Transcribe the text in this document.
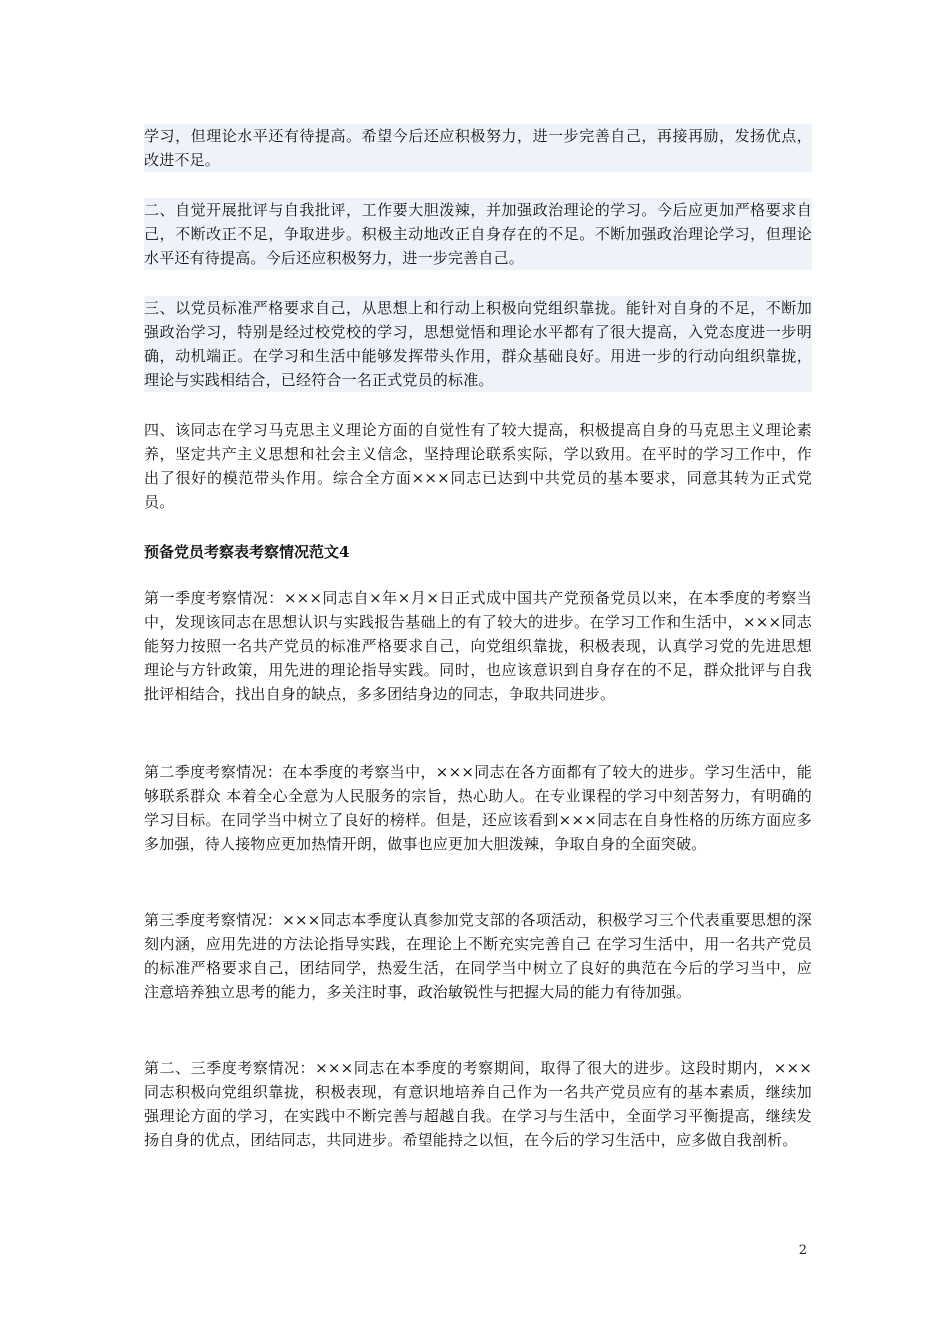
学习，但理论水平还有待提高。希望今后还应积极努力，进一步完善自己，再接再励，发扬优点，改进不足。

二、自觉开展批评与自我批评，工作要大胆泼辣，并加强政治理论的学习。今后应更加严格要求自己，不断改正不足，争取进步。积极主动地改正自身存在的不足。不断加强政治理论学习，但理论水平还有待提高。今后还应积极努力，进一步完善自己。

三、以党员标准严格要求自己，从思想上和行动上积极向党组织靠拢。能针对自身的不足，不断加强政治学习，特别是经过校党校的学习，思想觉悟和理论水平都有了很大提高，入党态度进一步明确，动机端正。在学习和生活中能够发挥带头作用，群众基础良好。用进一步的行动向组织靠拢，理论与实践相结合，已经符合一名正式党员的标准。

四、该同志在学习马克思主义理论方面的自觉性有了较大提高，积极提高自身的马克思主义理论素养，坚定共产主义思想和社会主义信念，坚持理论联系实际，学以致用。在平时的学习工作中，作出了很好的模范带头作用。综合全方面×××同志已达到中共党员的基本要求，同意其转为正式党员。

预备党员考察表考察情况范文4

第一季度考察情况：×××同志自×年×月×日正式成中国共产党预备党员以来，在本季度的考察当中，发现该同志在思想认识与实践报告基础上的有了较大的进步。在学习工作和生活中，×××同志能努力按照一名共产党员的标准严格要求自己，向党组织靠拢，积极表现，认真学习党的先进思想理论与方针政策，用先进的理论指导实践。同时，也应该意识到自身存在的不足，群众批评与自我批评相结合，找出自身的缺点，多多团结身边的同志，争取共同进步。

第二季度考察情况：在本季度的考察当中，×××同志在各方面都有了较大的进步。学习生活中，能够联系群众 本着全心全意为人民服务的宗旨，热心助人。在专业课程的学习中刻苦努力，有明确的学习目标。在同学当中树立了良好的榜样。但是，还应该看到×××同志在自身性格的历练方面应多多加强，待人接物应更加热情开朗，做事也应更加大胆泼辣，争取自身的全面突破。

第三季度考察情况：×××同志本季度认真参加党支部的各项活动，积极学习三个代表重要思想的深刻内涵，应用先进的方法论指导实践，在理论上不断充实完善自己 在学习生活中，用一名共产党员的标准严格要求自己，团结同学，热爱生活，在同学当中树立了良好的典范在今后的学习当中，应注意培养独立思考的能力，多关注时事，政治敏锐性与把握大局的能力有待加强。

第二、三季度考察情况：×××同志在本季度的考察期间，取得了很大的进步。这段时期内，×××同志积极向党组织靠拢，积极表现，有意识地培养自己作为一名共产党员应有的基本素质，继续加强理论方面的学习，在实践中不断完善与超越自我。在学习与生活中，全面学习平衡提高，继续发扬自身的优点，团结同志，共同进步。希望能持之以恒，在今后的学习生活中，应多做自我剖析。

2
